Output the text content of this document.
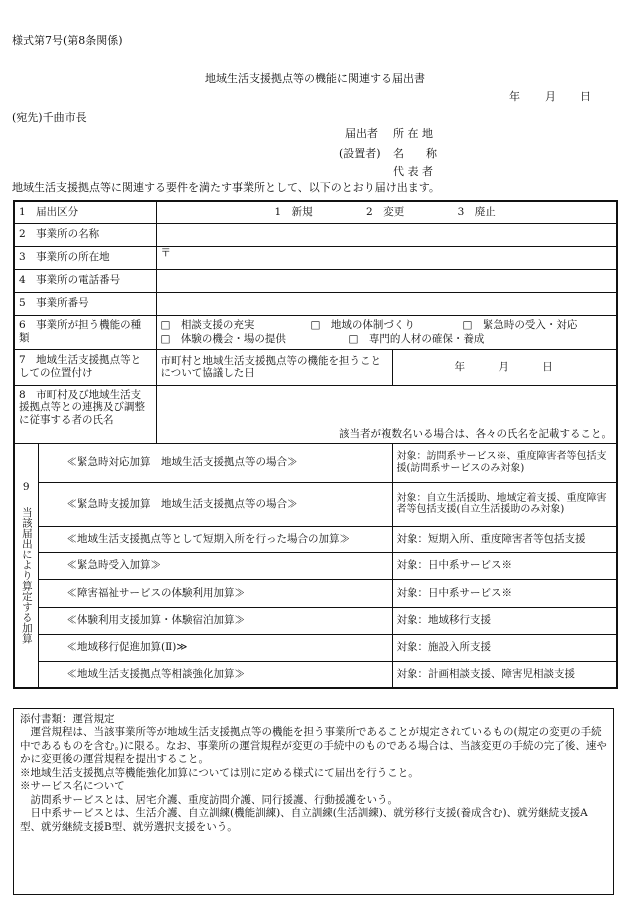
様式第7号(第8条関係)
地域生活支援拠点等の機能に関連する届出書
年 月 日
(宛先)千曲市長
届出者 所 在 地
(設置者) 名　　称
代 表 者
地域生活支援拠点等に関連する要件を満たす事業所として、以下のとおり届け出ます。
1　届出区分		1　新規 2　変更 3　廃止	
2　事業所の名称			
3　事業所の所在地		〒	
4　事業所の電話番号			
5　事業所番号			
6　事業所が担う機能の種類		□　相談支援の充実 □　地域の体制づくり □　緊急時の受入・対応
□　体験の機会・場の提供 □　専門的人材の確保・養成	

7　地域生活支援拠点等としての位置付け		市町村と地域生活支援拠点等の機能を担うことについて協議した日	年 月 日
8　市町村及び地域生活支援拠点等との連携及び調整に従事する者の氏名		該当者が複数名いる場合は、各々の氏名を記載すること。	

9
当該届出により算定する加算	≪緊急時対応加算　地域生活支援拠点等の場合≫		対象：訪問系サービス※、重度障害者等包括支援(訪問系サービスのみ対象)
	≪緊急時支援加算　地域生活支援拠点等の場合≫		対象：自立生活援助、地域定着支援、重度障害者等包括支援(自立生活援助のみ対象)
	≪地域生活支援拠点等として短期入所を行った場合の加算≫		対象：短期入所、重度障害者等包括支援
	≪緊急時受入加算≫		対象：日中系サービス※
	≪障害福祉サービスの体験利用加算≫		対象：日中系サービス※
	≪体験利用支援加算・体験宿泊加算≫		対象：地域移行支援
	≪地域移行促進加算(Ⅱ)≫		対象：施設入所支援
	≪地域生活支援拠点等相談強化加算≫		対象：計画相談支援、障害児相談支援
添付書類：運営規定
　運営規程は、当該事業所等が地域生活支援拠点等の機能を担う事業所であることが規定されているもの(規定の変更の手続中であるものを含む。)に限る。なお、事業所の運営規程が変更の手続中のものである場合は、当該変更の手続の完了後、速やかに変更後の運営規程を提出すること。
※地域生活支援拠点等機能強化加算については別に定める様式にて届出を行うこと。
※サービス名について
　訪問系サービスとは、居宅介護、重度訪問介護、同行援護、行動援護をいう。
　日中系サービスとは、生活介護、自立訓練(機能訓練)、自立訓練(生活訓練)、就労移行支援(養成含む)、就労継続支援A型、就労継続支援B型、就労選択支援をいう。
